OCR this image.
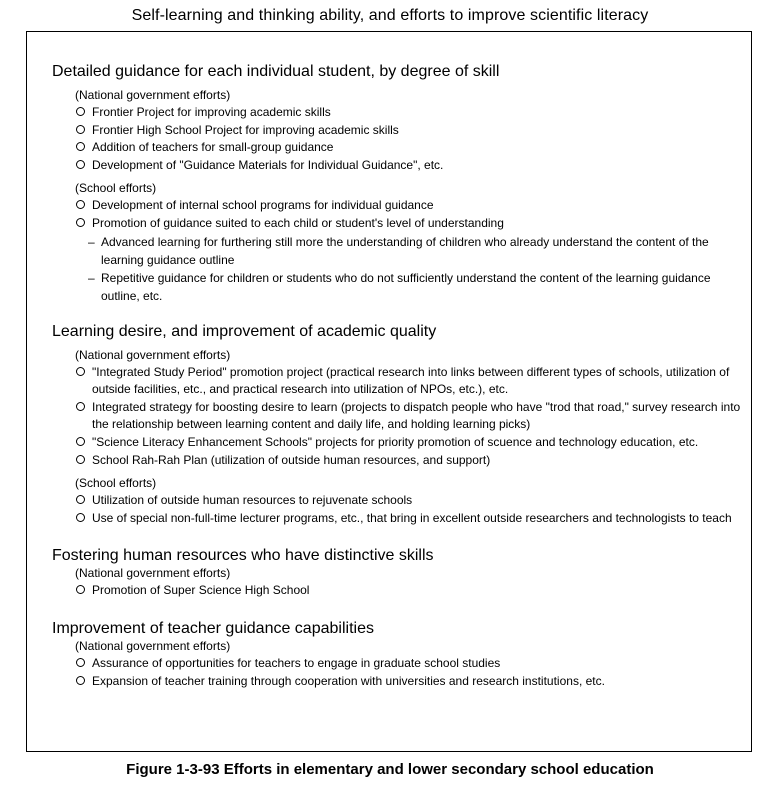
Self-learning and thinking ability, and efforts to improve scientific literacy

Detailed guidance for each individual student, by degree of skill

(National government efforts)
Frontier Project for improving academic skills
Frontier High School Project for improving academic skills
Addition of teachers for small-group guidance
Development of "Guidance Materials for Individual Guidance", etc.
(School efforts)
Development of internal school programs for individual guidance
Promotion of guidance suited to each child or student's level of understanding
– Advanced learning for furthering still more the understanding of children who already understand the content of the learning guidance outline
– Repetitive guidance for children or students who do not sufficiently understand the content of the learning guidance outline, etc.

Learning desire, and improvement of academic quality

(National government efforts)
"Integrated Study Period" promotion project (practical research into links between different types of schools, utilization of outside facilities, etc., and practical research into utilization of NPOs, etc.), etc.
Integrated strategy for boosting desire to learn (projects to dispatch people who have "trod that road," survey research into the relationship between learning content and daily life, and holding learning picks)
"Science Literacy Enhancement Schools" projects for priority promotion of scuence and technology education, etc.
School Rah-Rah Plan (utilization of outside human resources, and support)
(School efforts)
Utilization of outside human resources to rejuvenate schools
Use of special non-full-time lecturer programs, etc., that bring in excellent outside researchers and technologists to teach

Fostering human resources who have distinctive skills

(National government efforts)
Promotion of Super Science High School

Improvement of teacher guidance capabilities

(National government efforts)
Assurance of opportunities for teachers to engage in graduate school studies
Expansion of teacher training through cooperation with universities and research institutions, etc.
Figure 1-3-93 Efforts in elementary and lower secondary school education
